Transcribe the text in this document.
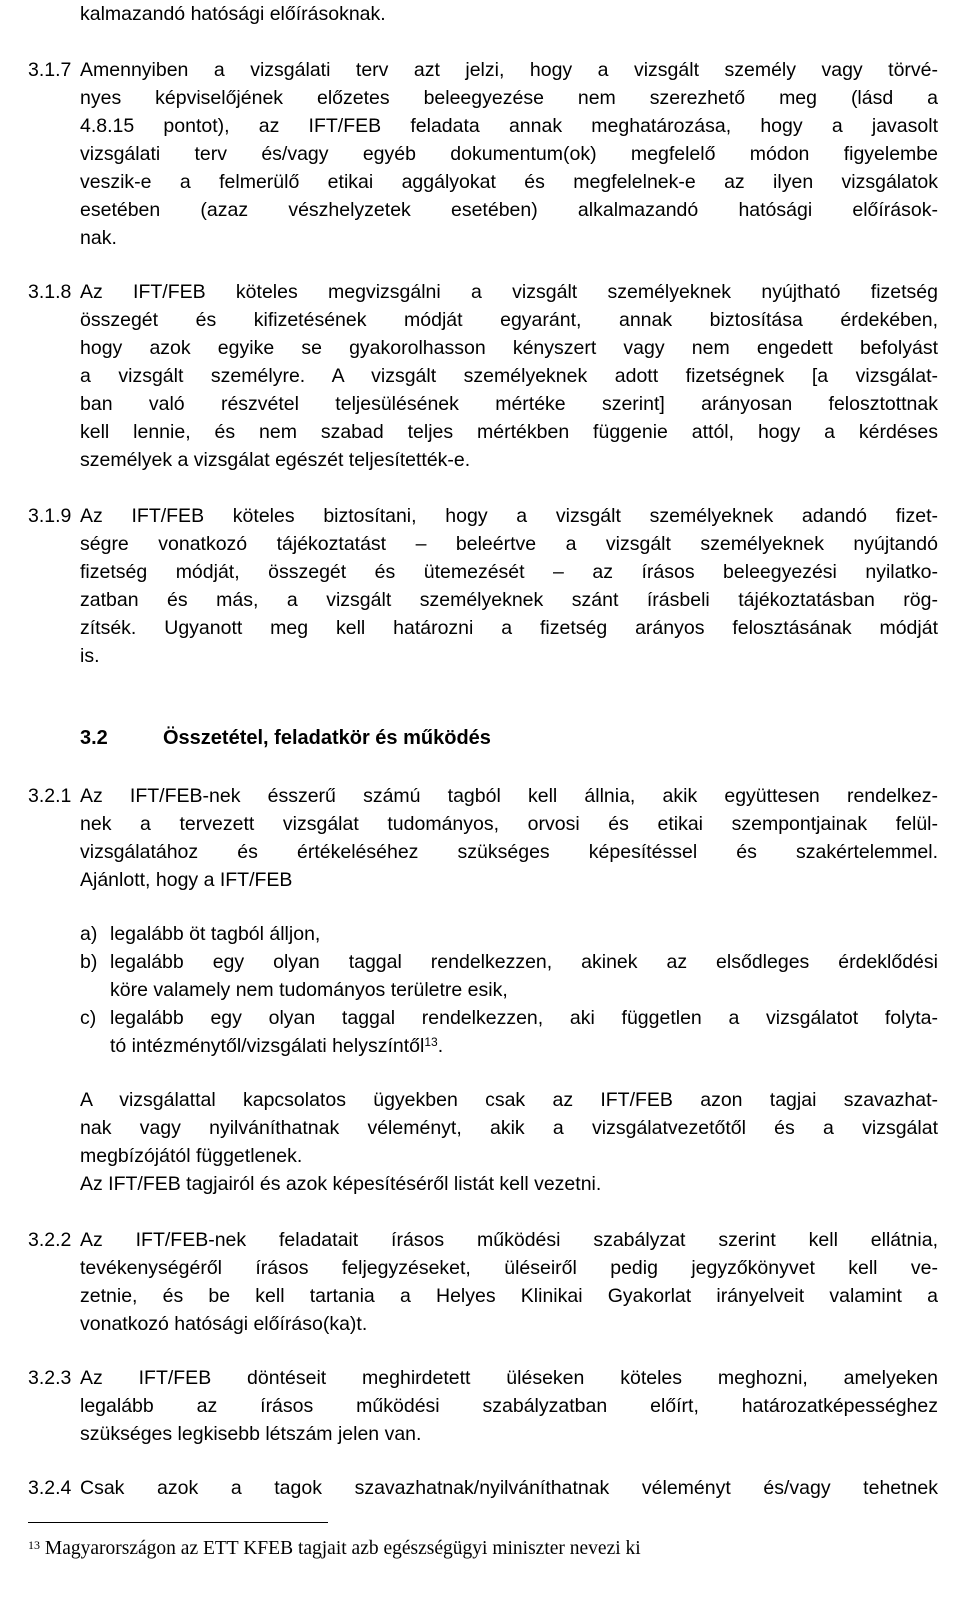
kalmazandó hatósági előírásoknak.
3.1.7 Amennyiben a vizsgálati terv azt jelzi, hogy a vizsgált személy vagy törvé-
nyes képviselőjének előzetes beleegyezése nem szerezhető meg (lásd a
4.8.15 pontot), az IFT/FEB feladata annak meghatározása, hogy a javasolt
vizsgálati terv és/vagy egyéb dokumentum(ok) megfelelő módon figyelembe
veszik-e a felmerülő etikai aggályokat és megfelelnek-e az ilyen vizsgálatok
esetében (azaz vészhelyzetek esetében) alkalmazandó hatósági előírások-
nak.
3.1.8 Az IFT/FEB köteles megvizsgálni a vizsgált személyeknek nyújtható fizetség
összegét és kifizetésének módját egyaránt, annak biztosítása érdekében,
hogy azok egyike se gyakorolhasson kényszert vagy nem engedett befolyást
a vizsgált személyre. A vizsgált személyeknek adott fizetségnek [a vizsgálat-
ban való részvétel teljesülésének mértéke szerint] arányosan felosztottnak
kell lennie, és nem szabad teljes mértékben függenie attól, hogy a kérdéses
személyek a vizsgálat egészét teljesítették-e.
3.1.9 Az IFT/FEB köteles biztosítani, hogy a vizsgált személyeknek adandó fizet-
ségre vonatkozó tájékoztatást – beleértve a vizsgált személyeknek nyújtandó
fizetség módját, összegét és ütemezését – az írásos beleegyezési nyilatko-
zatban és más, a vizsgált személyeknek szánt írásbeli tájékoztatásban rög-
zítsék. Ugyanott meg kell határozni a fizetség arányos felosztásának módját
is.
3.2	Összetétel, feladatkör és működés
3.2.1 Az IFT/FEB-nek ésszerű számú tagból kell állnia, akik együttesen rendelkez-
nek a tervezett vizsgálat tudományos, orvosi és etikai szempontjainak felül-
vizsgálatához és értékeléséhez szükséges képesítéssel és szakértelemmel.
Ajánlott, hogy a IFT/FEB
a) legalább öt tagból álljon,
b) legalább egy olyan taggal rendelkezzen, akinek az elsődleges érdeklődési
köre valamely nem tudományos területre esik,
c) legalább egy olyan taggal rendelkezzen, aki független a vizsgálatot folyta-
tó intézménytől/vizsgálati helyszíntől$^{13}$.
A vizsgálattal kapcsolatos ügyekben csak az IFT/FEB azon tagjai szavazhat-
nak vagy nyilváníthatnak véleményt, akik a vizsgálatvezetőtől és a vizsgálat
megbízójától függetlenek.
Az IFT/FEB tagjairól és azok képesítéséről listát kell vezetni.
3.2.2 Az IFT/FEB-nek feladatait írásos működési szabályzat szerint kell ellátnia,
tevékenységéről írásos feljegyzéseket, üléseiről pedig jegyzőkönyvet kell ve-
zetnie, és be kell tartania a Helyes Klinikai Gyakorlat irányelveit valamint a
vonatkozó hatósági előíráso(ka)t.
3.2.3 Az IFT/FEB döntéseit meghirdetett üléseken köteles meghozni, amelyeken
legalább az írásos működési szabályzatban előírt, határozatképességhez
szükséges legkisebb létszám jelen van.
3.2.4 Csak azok a tagok szavazhatnak/nyilváníthatnak véleményt és/vagy tehetnek
$^{13}$ Magyarországon az ETT KFEB tagjait azb egészségügyi miniszter nevezi ki
